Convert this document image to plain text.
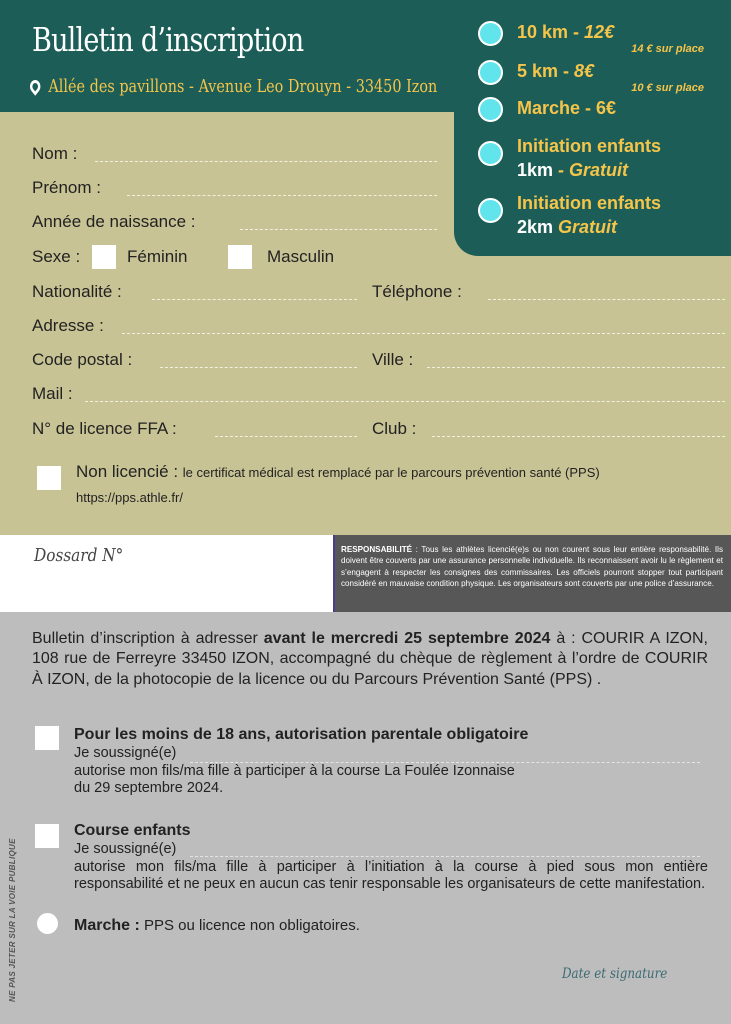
Bulletin d’inscription
Allée des pavillons - Avenue Leo Drouyn - 33450 Izon
10 km - 12€
14 € sur place
5 km - 8€
10 € sur place
Marche - 6€
Initiation enfants
1km - Gratuit
Initiation enfants
2km Gratuit
Nom :
Prénom :
Année de naissance :
Sexe :	Féminin	Masculin
Nationalité :	Téléphone :
Adresse :
Code postal :	Ville :
Mail :
N° de licence FFA :	Club :
Non licencié : le certificat médical est remplacé par le parcours prévention santé (PPS)
https://pps.athle.fr/
Dossard N°	RESPONSABILITÉ : Tous les athlètes licencié(e)s ou non courent sous leur entière responsabilité. Ils doivent être couverts par une assurance personnelle individuelle. Ils reconnaissent avoir lu le règlement et s’engagent à respecter les consignes des commissaires. Les officiels pourront stopper tout participant considéré en mauvaise condition physique. Les organisateurs sont couverts par une police d’assurance.
Bulletin d’inscription à adresser avant le mercredi 25 septembre 2024 à : COURIR A IZON, 108 rue de Ferreyre 33450 IZON, accompagné du chèque de règlement à l’ordre de COURIR À IZON, de la photocopie de la licence ou du Parcours Prévention Santé (PPS) .
Pour les moins de 18 ans, autorisation parentale obligatoire
Je soussigné(e)
autorise mon fils/ma fille à participer à la course La Foulée Izonnaise
du 29 septembre 2024.
Course enfants
Je soussigné(e)
autorise mon fils/ma fille à participer à l’initiation à la course à pied sous mon entière responsabilité et ne peux en aucun cas tenir responsable les organisateurs de cette manifestation.
Marche : PPS ou licence non obligatoires.
NE PAS JETER SUR LA VOIE PUBLIQUE	Date et signature
